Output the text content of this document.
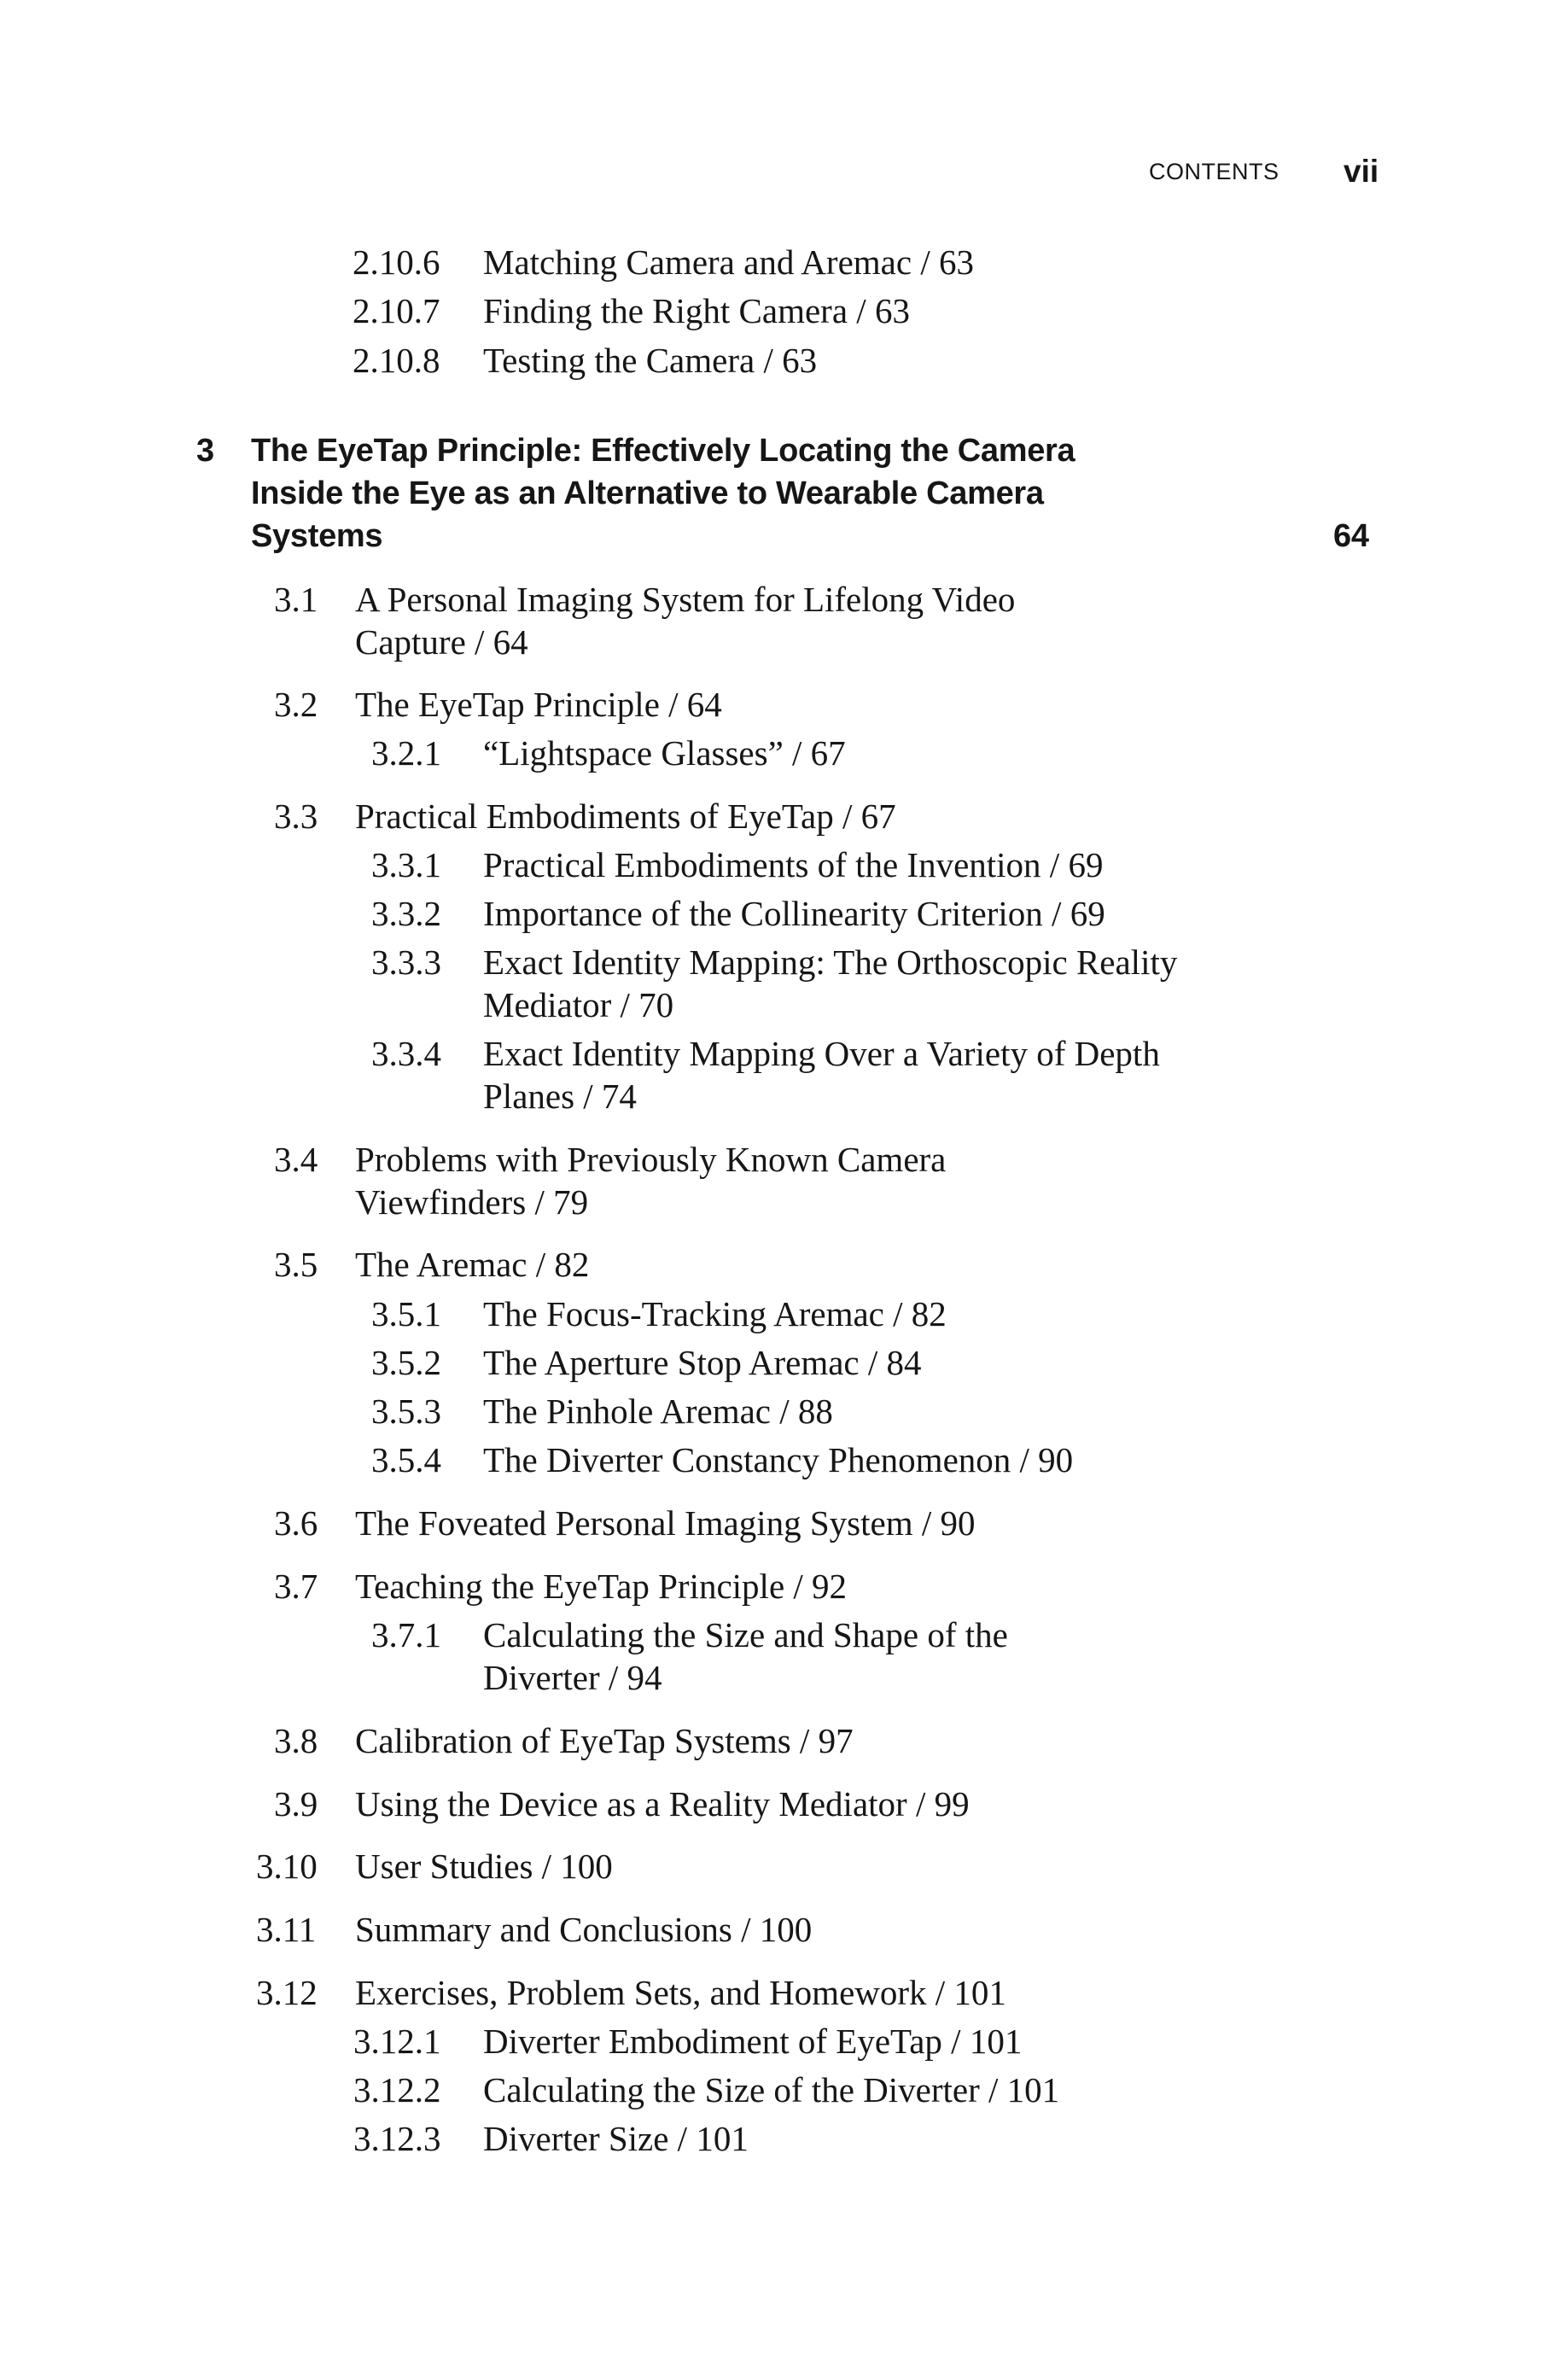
CONTENTS vii
2.10.6 Matching Camera and Aremac / 63
2.10.7 Finding the Right Camera / 63
2.10.8 Testing the Camera / 63
3 The EyeTap Principle: Effectively Locating the Camera
Inside the Eye as an Alternative to Wearable Camera
Systems	64
3.1 A Personal Imaging System for Lifelong Video
Capture / 64
3.2 The EyeTap Principle / 64
3.2.1 “Lightspace Glasses” / 67
3.3 Practical Embodiments of EyeTap / 67
3.3.1 Practical Embodiments of the Invention / 69
3.3.2 Importance of the Collinearity Criterion / 69
3.3.3 Exact Identity Mapping: The Orthoscopic Reality
Mediator / 70
3.3.4 Exact Identity Mapping Over a Variety of Depth
Planes / 74
3.4 Problems with Previously Known Camera
Viewfinders / 79
3.5 The Aremac / 82
3.5.1 The Focus-Tracking Aremac / 82
3.5.2 The Aperture Stop Aremac / 84
3.5.3 The Pinhole Aremac / 88
3.5.4 The Diverter Constancy Phenomenon / 90
3.6 The Foveated Personal Imaging System / 90
3.7 Teaching the EyeTap Principle / 92
3.7.1 Calculating the Size and Shape of the
Diverter / 94
3.8 Calibration of EyeTap Systems / 97
3.9 Using the Device as a Reality Mediator / 99
3.10 User Studies / 100
3.11 Summary and Conclusions / 100
3.12 Exercises, Problem Sets, and Homework / 101
3.12.1 Diverter Embodiment of EyeTap / 101
3.12.2 Calculating the Size of the Diverter / 101
3.12.3 Diverter Size / 101
